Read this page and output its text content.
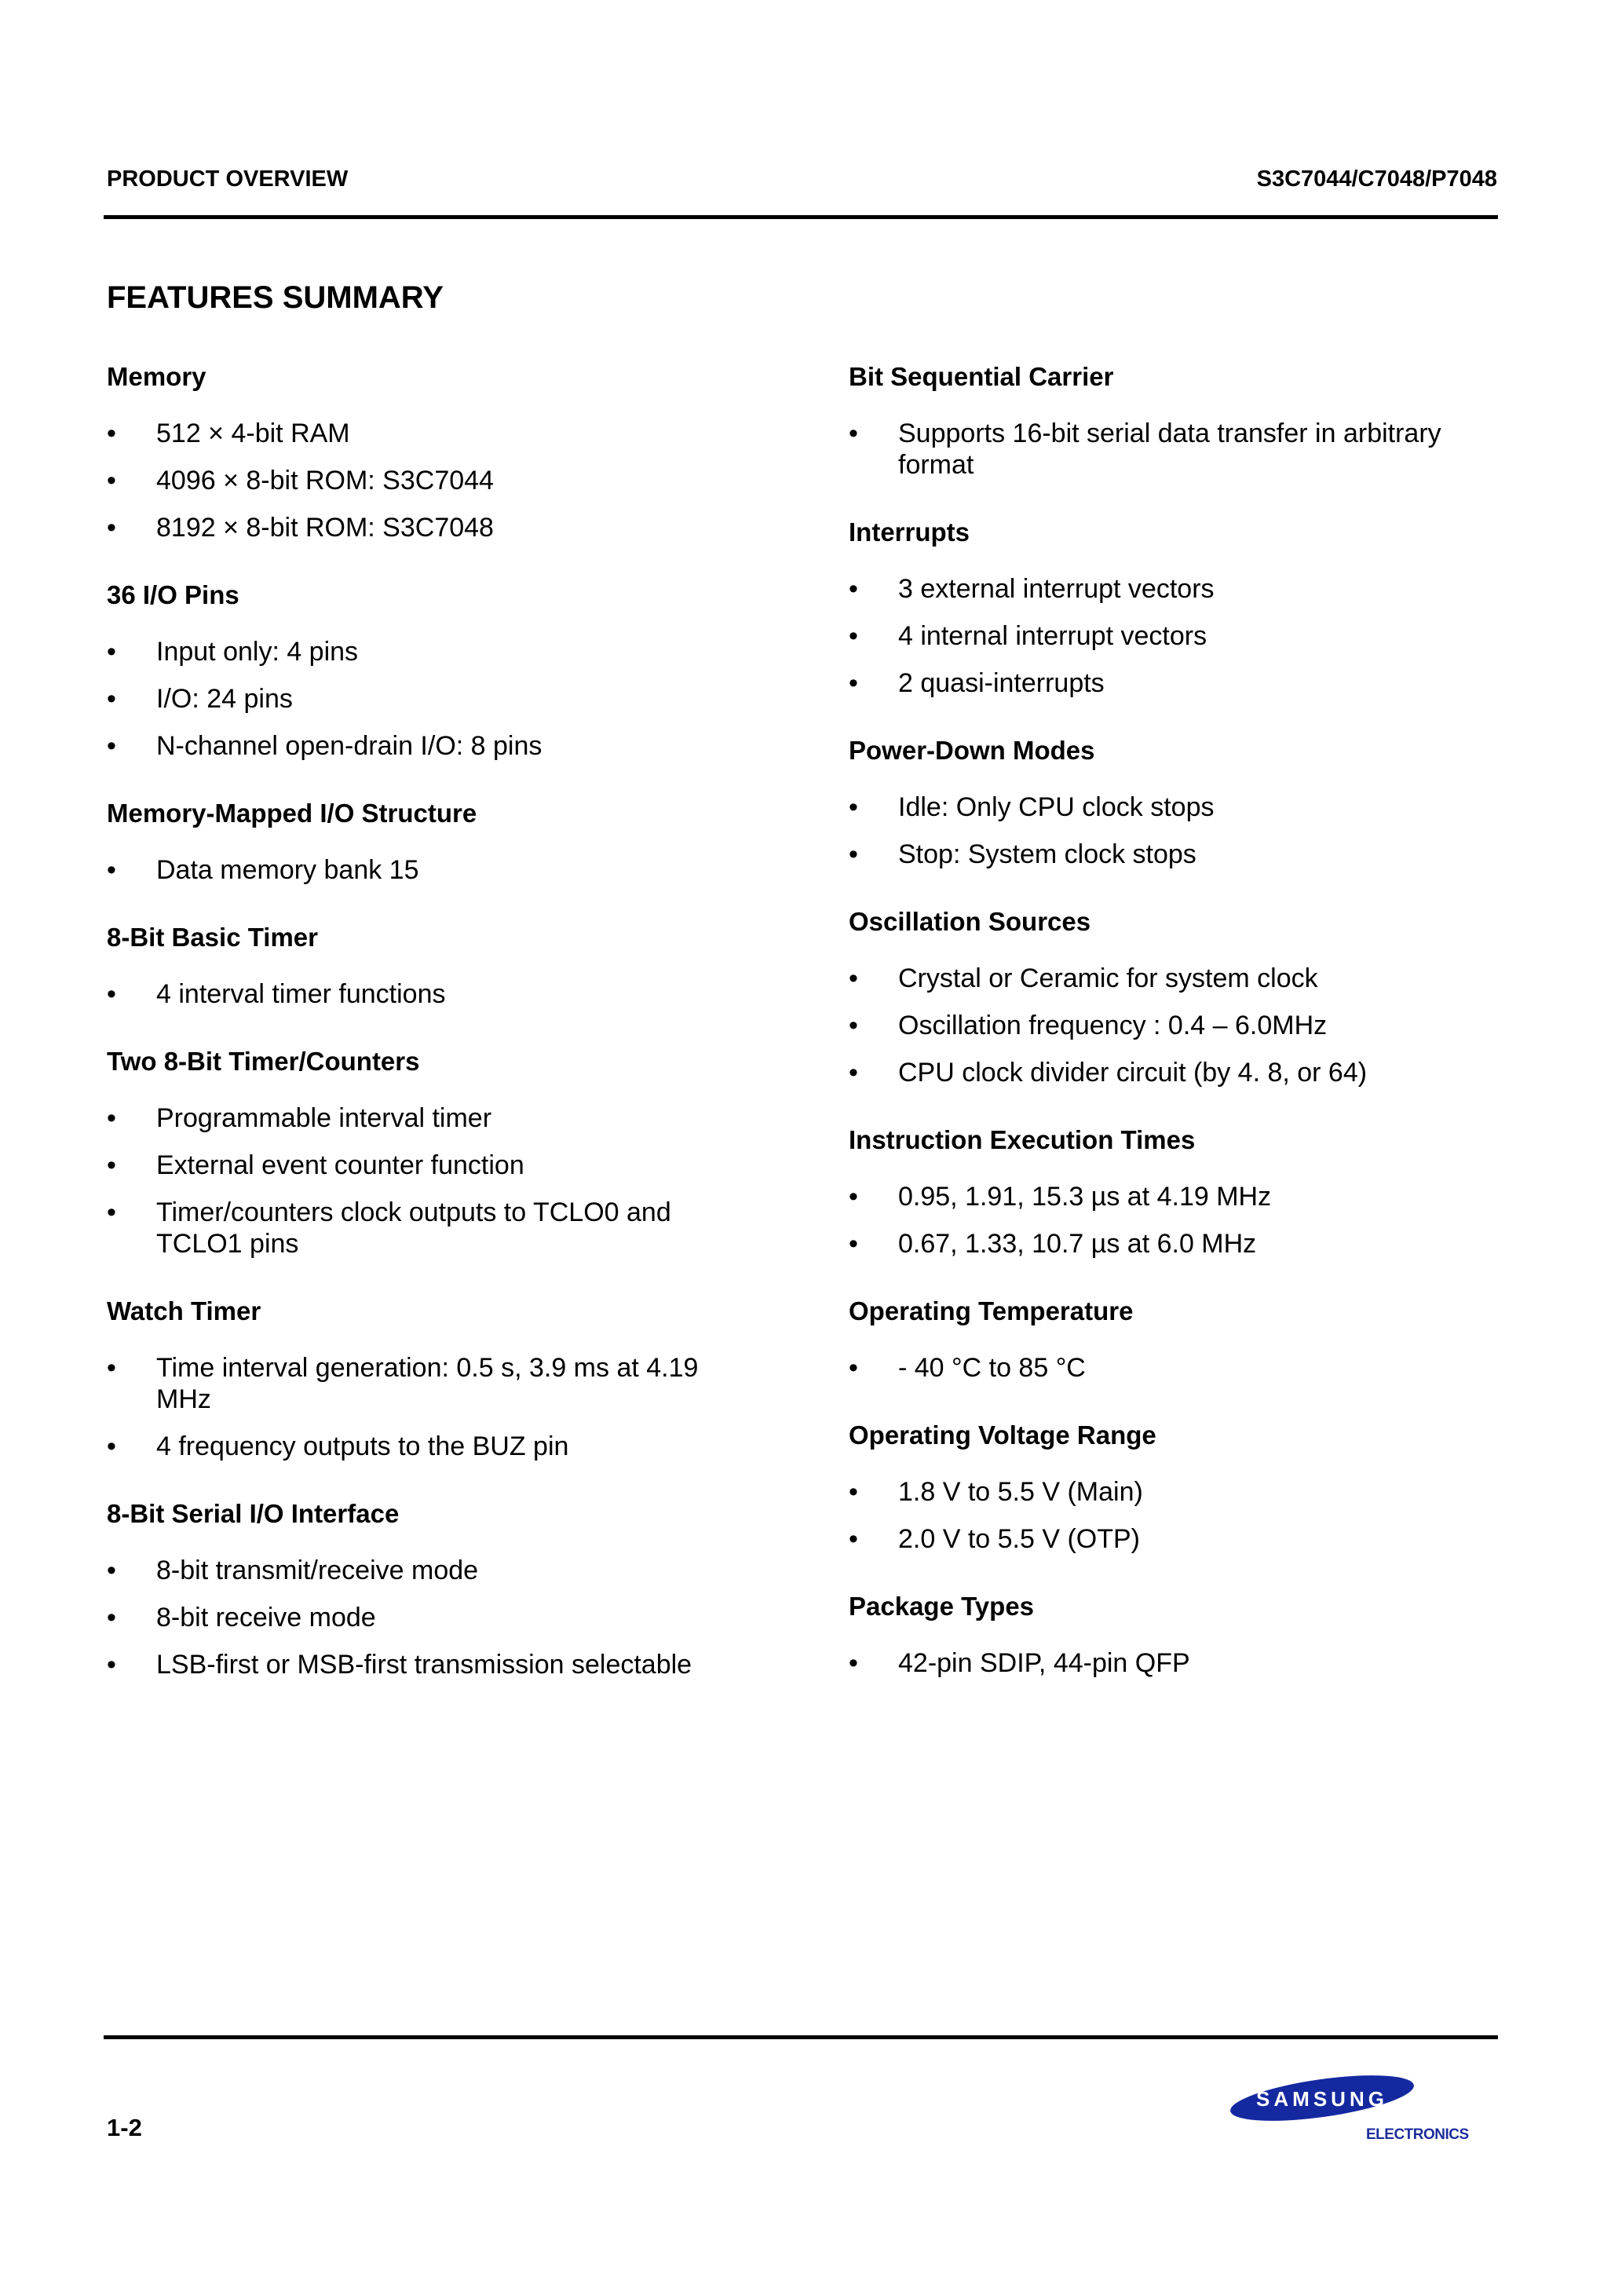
PRODUCT OVERVIEW	S3C7044/C7048/P7048

FEATURES SUMMARY
Memory
•	512 × 4-bit RAM
•	4096 × 8-bit ROM: S3C7044
•	8192 × 8-bit ROM: S3C7048
36 I/O Pins
•	Input only: 4 pins
•	I/O: 24 pins
•	N-channel open-drain I/O: 8 pins
Memory-Mapped I/O Structure
•	Data memory bank 15
8-Bit Basic Timer
•	4 interval timer functions
Two 8-Bit Timer/Counters
•	Programmable interval timer
•	External event counter function
•	Timer/counters clock outputs to TCLO0 and TCLO1 pins
Watch Timer
•	Time interval generation: 0.5 s, 3.9 ms at 4.19 MHz
•	4 frequency outputs to the BUZ pin
8-Bit Serial I/O Interface
•	8-bit transmit/receive mode
•	8-bit receive mode
•	LSB-first or MSB-first transmission selectable
Bit Sequential Carrier
•	Supports 16-bit serial data transfer in arbitrary format
Interrupts
•	3 external interrupt vectors
•	4 internal interrupt vectors
•	2 quasi-interrupts
Power-Down Modes
•	Idle: Only CPU clock stops
•	Stop: System clock stops
Oscillation Sources
•	Crystal or Ceramic for system clock
•	Oscillation frequency : 0.4 – 6.0MHz
•	CPU clock divider circuit (by 4. 8, or 64)
Instruction Execution Times
•	0.95, 1.91, 15.3 µs at 4.19 MHz
•	0.67, 1.33, 10.7 µs at 6.0 MHz
Operating Temperature
•	- 40 °C to 85 °C
Operating Voltage Range
•	1.8 V to 5.5 V (Main)
•	2.0 V to 5.5 V (OTP)
Package Types
•	42-pin SDIP, 44-pin QFP

1-2

SAMSUNG

ELECTRONICS
